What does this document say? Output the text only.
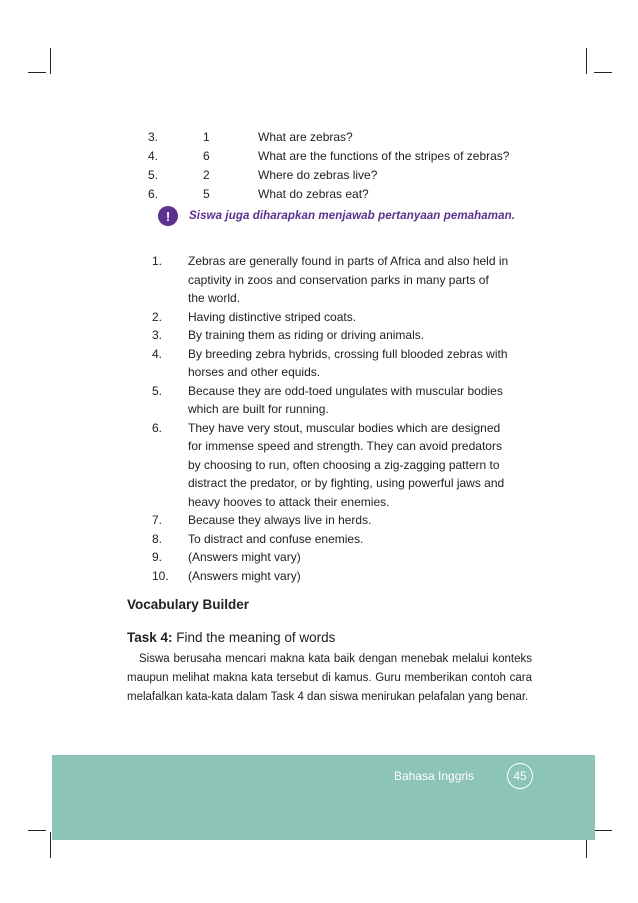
3.	1	What are zebras?
4.	6	What are the functions of the stripes of zebras?
5.	2	Where do zebras live?
6.	5	What do zebras eat?
!	Siswa juga diharapkan menjawab pertanyaan pemahaman.
1.	Zebras are generally found in parts of Africa and also held in
captivity in zoos and conservation parks in many parts of
the world.
2.	Having distinctive striped coats.
3.	By training them as riding or driving animals.
4.	By breeding zebra hybrids, crossing full blooded zebras with
horses and other equids.
5.	Because they are odd-toed ungulates with muscular bodies
which are built for running.
6.	They have very stout, muscular bodies which are designed
for immense speed and strength. They can avoid predators
by choosing to run, often choosing a zig-zagging pattern to
distract the predator, or by fighting, using powerful jaws and
heavy hooves to attack their enemies.
7.	Because they always live in herds.
8.	To distract and confuse enemies.
9.	(Answers might vary)
10.	(Answers might vary)
Vocabulary Builder
Task 4: Find the meaning of words
Siswa berusaha mencari makna kata baik dengan menebak melalui konteks maupun melihat makna kata tersebut di kamus. Guru memberikan contoh cara melafalkan kata-kata dalam Task 4 dan siswa menirukan pelafalan yang benar.
Bahasa Inggris	45
